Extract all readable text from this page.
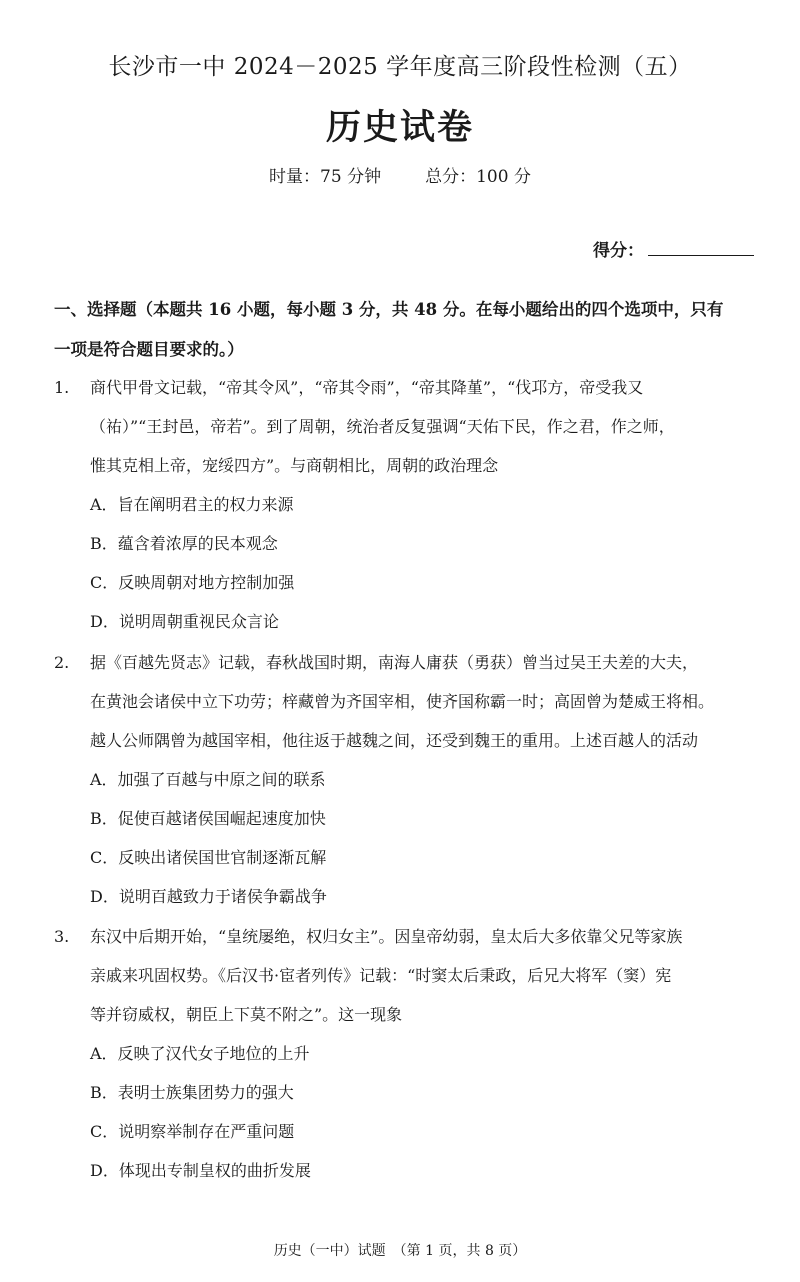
长沙市一中 2024－2025 学年度高三阶段性检测（五）
历史试卷
时量：75 分钟	总分：100 分
得分：
一、选择题（本题共 16 小题，每小题 3 分，共 48 分。在每小题给出的四个选项中，只有
一项是符合题目要求的。）
1. 商代甲骨文记载，“帝其令风”，“帝其令雨”，“帝其降堇”，“伐邛方，帝受我又
（祐）”“王封邑，帝若”。到了周朝，统治者反复强调“天佑下民，作之君，作之师，
惟其克相上帝，宠绥四方”。与商朝相比，周朝的政治理念
A．旨在阐明君主的权力来源
B．蕴含着浓厚的民本观念
C．反映周朝对地方控制加强
D．说明周朝重视民众言论
2. 据《百越先贤志》记载，春秋战国时期，南海人庸获（勇获）曾当过吴王夫差的大夫，
在黄池会诸侯中立下功劳；梓藏曾为齐国宰相，使齐国称霸一时；高固曾为楚威王将相。
越人公师隅曾为越国宰相，他往返于越魏之间，还受到魏王的重用。上述百越人的活动
A．加强了百越与中原之间的联系
B．促使百越诸侯国崛起速度加快
C．反映出诸侯国世官制逐渐瓦解
D．说明百越致力于诸侯争霸战争
3. 东汉中后期开始，“皇统屡绝，权归女主”。因皇帝幼弱，皇太后大多依靠父兄等家族
亲戚来巩固权势。《后汉书·宦者列传》记载：“时窦太后秉政，后兄大将军（窦）宪
等并窃威权，朝臣上下莫不附之”。这一现象
A．反映了汉代女子地位的上升
B．表明士族集团势力的强大
C．说明察举制存在严重问题
D．体现出专制皇权的曲折发展
历史（一中）试题　（第 1 页，共 8 页）
